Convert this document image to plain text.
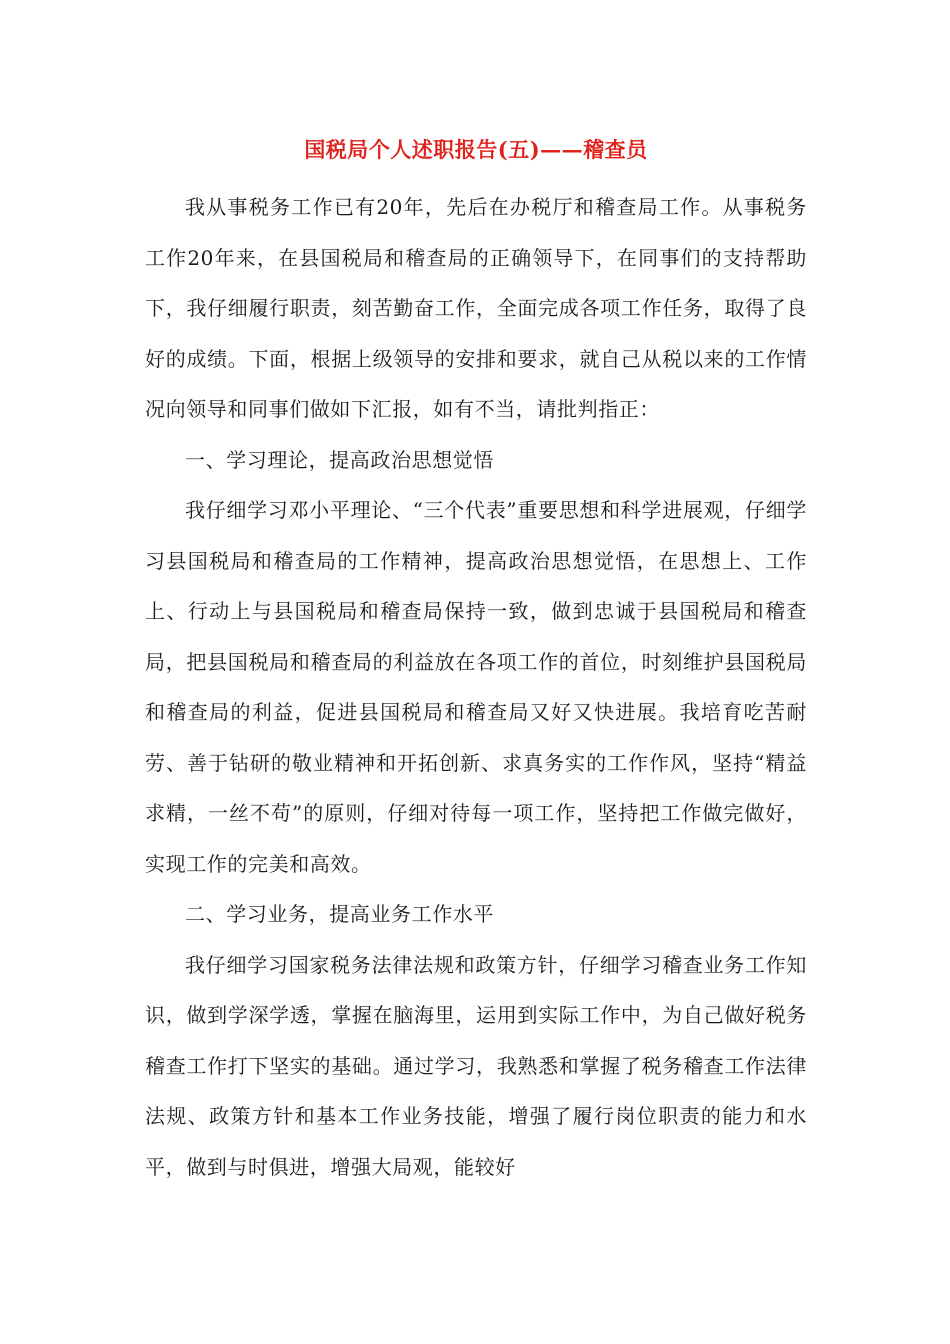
国税局个人述职报告(五)——稽查员

我从事税务工作已有20年，先后在办税厅和稽查局工作。从事税务工作20年来，在县国税局和稽查局的正确领导下，在同事们的支持帮助下，我仔细履行职责，刻苦勤奋工作，全面完成各项工作任务，取得了良好的成绩。下面，根据上级领导的安排和要求，就自己从税以来的工作情况向领导和同事们做如下汇报，如有不当，请批判指正：

一、学习理论，提高政治思想觉悟

我仔细学习邓小平理论、“三个代表”重要思想和科学进展观，仔细学习县国税局和稽查局的工作精神，提高政治思想觉悟，在思想上、工作上、行动上与县国税局和稽查局保持一致，做到忠诚于县国税局和稽查局，把县国税局和稽查局的利益放在各项工作的首位，时刻维护县国税局和稽查局的利益，促进县国税局和稽查局又好又快进展。我培育吃苦耐劳、善于钻研的敬业精神和开拓创新、求真务实的工作作风，坚持“精益求精，一丝不苟”的原则，仔细对待每一项工作，坚持把工作做完做好，实现工作的完美和高效。

二、学习业务，提高业务工作水平

我仔细学习国家税务法律法规和政策方针，仔细学习稽查业务工作知识，做到学深学透，掌握在脑海里，运用到实际工作中，为自己做好税务稽查工作打下坚实的基础。通过学习，我熟悉和掌握了税务稽查工作法律法规、政策方针和基本工作业务技能，增强了履行岗位职责的能力和水平，做到与时俱进，增强大局观，能较好
